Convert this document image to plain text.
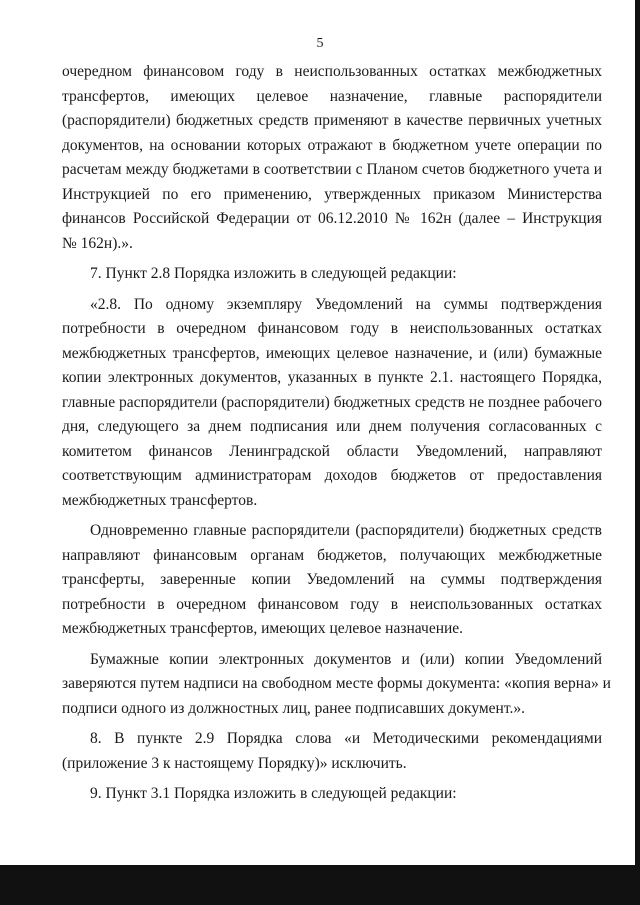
5
очередном финансовом году в неиспользованных остатках межбюджетных
трансфертов, имеющих целевое назначение, главные распорядители
(распорядители) бюджетных средств применяют в качестве первичных учетных
документов, на основании которых отражают в бюджетном учете операции по
расчетам между бюджетами в соответствии с Планом счетов бюджетного учета и
Инструкцией по его применению, утвержденных приказом Министерства
финансов Российской Федерации от 06.12.2010 № 162н (далее – Инструкция
№ 162н).».
7. Пункт 2.8 Порядка изложить в следующей редакции:
«2.8. По одному экземпляру Уведомлений на суммы подтверждения
потребности в очередном финансовом году в неиспользованных остатках
межбюджетных трансфертов, имеющих целевое назначение, и (или) бумажные
копии электронных документов, указанных в пункте 2.1. настоящего Порядка,
главные распорядители (распорядители) бюджетных средств не позднее рабочего
дня, следующего за днем подписания или днем получения согласованных с
комитетом финансов Ленинградской области Уведомлений, направляют
соответствующим администраторам доходов бюджетов от предоставления
межбюджетных трансфертов.
Одновременно главные распорядители (распорядители) бюджетных средств
направляют финансовым органам бюджетов, получающих межбюджетные
трансферты, заверенные копии Уведомлений на суммы подтверждения
потребности в очередном финансовом году в неиспользованных остатках
межбюджетных трансфертов, имеющих целевое назначение.
Бумажные копии электронных документов и (или) копии Уведомлений
заверяются путем надписи на свободном месте формы документа: «копия верна» и
подписи одного из должностных лиц, ранее подписавших документ.».
8. В пункте 2.9 Порядка слова «и Методическими рекомендациями
(приложение 3 к настоящему Порядку)» исключить.
9. Пункт 3.1 Порядка изложить в следующей редакции:
